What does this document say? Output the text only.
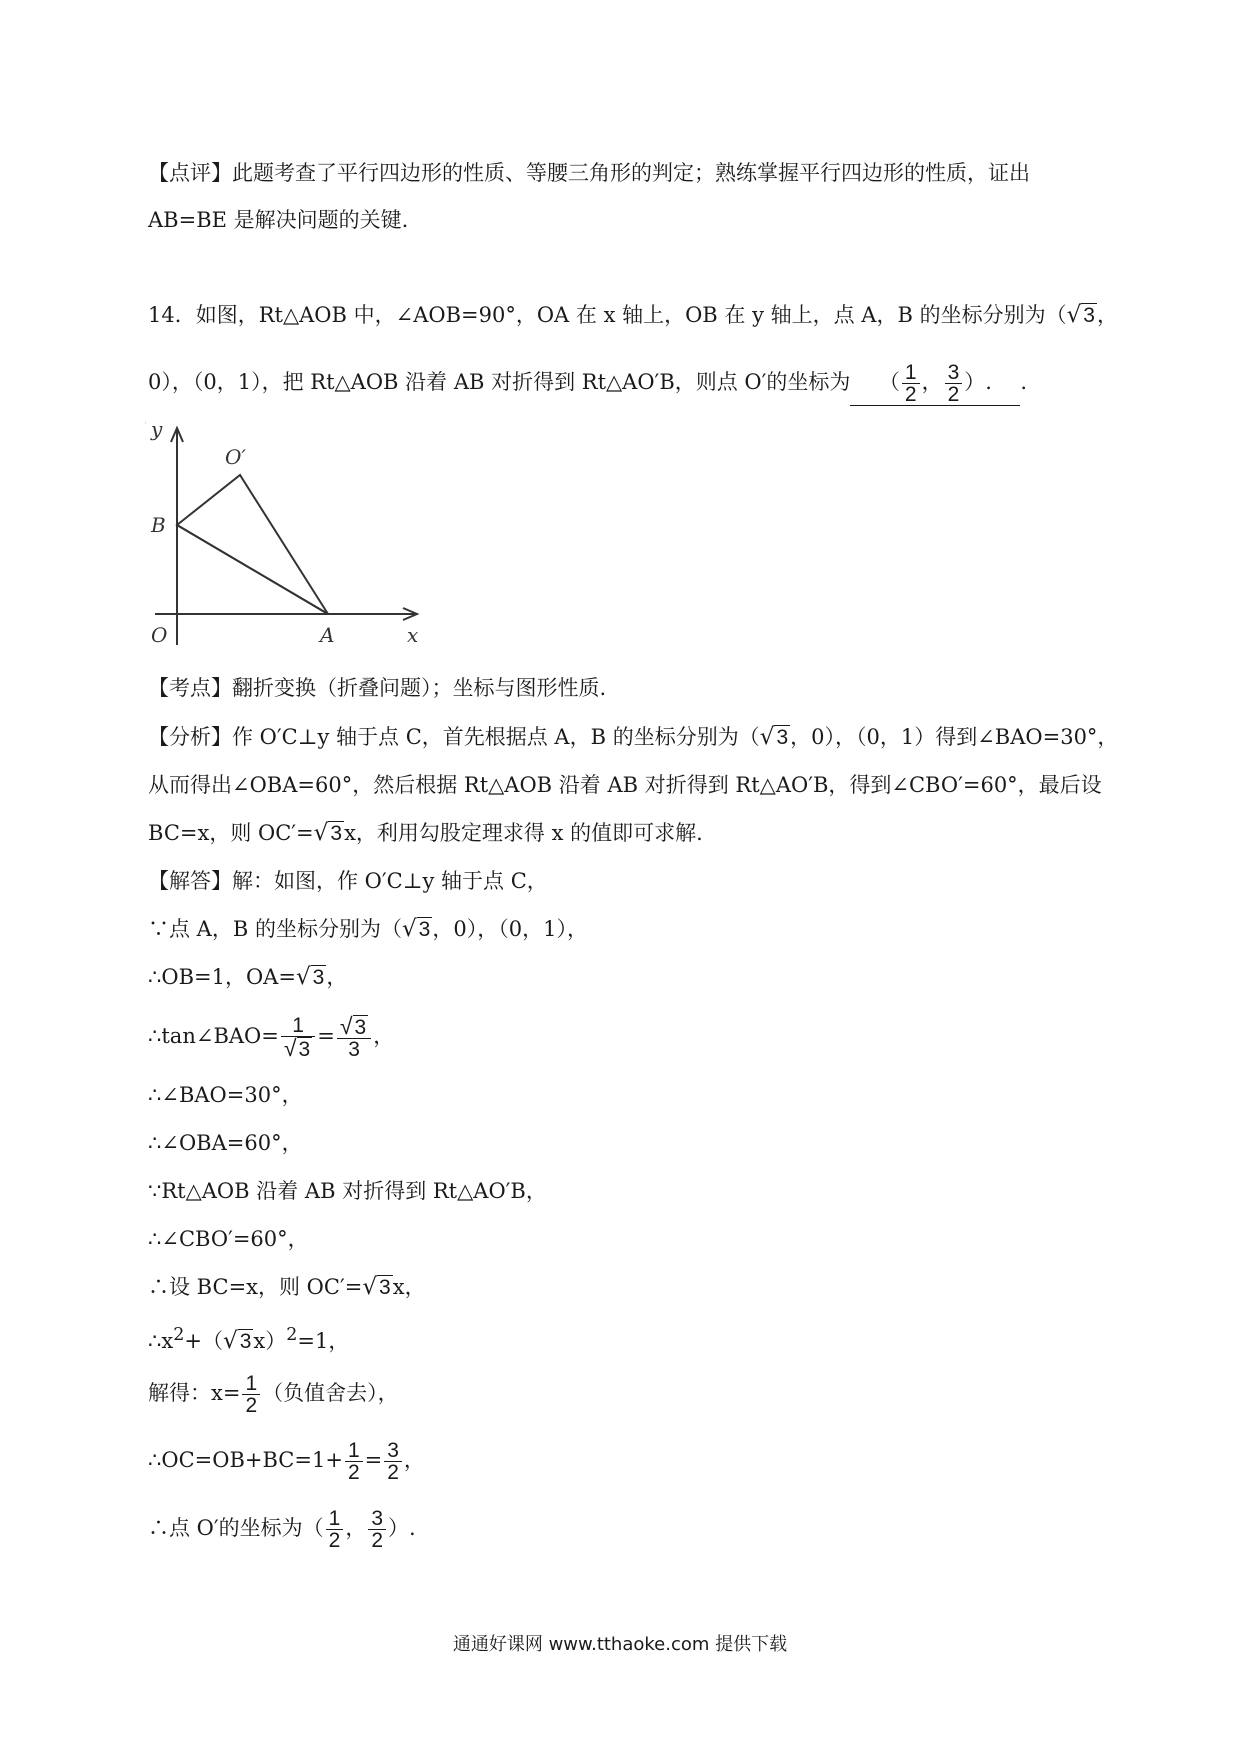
【点评】此题考查了平行四边形的性质、等腰三角形的判定；熟练掌握平行四边形的性质，证出
AB=BE 是解决问题的关键.
14．如图，Rt△AOB 中，∠AOB=90°，OA 在 x 轴上，OB 在 y 轴上，点 A，B 的坐标分别为（√3，
0），（0，1），把 Rt△AOB 沿着 AB 对折得到 Rt△AO′B，则点 O′的坐标为 （ $\frac{1}{2}$ ， $\frac{3}{2}$ ）. .
y
x
O	A
B
O′
【考点】翻折变换（折叠问题）；坐标与图形性质.
【分析】作 O′C⊥y 轴于点 C，首先根据点 A，B 的坐标分别为（√3，0），（0，1）得到∠BAO=30°，
从而得出∠OBA=60°，然后根据 Rt△AOB 沿着 AB 对折得到 Rt△AO′B，得到∠CBO′=60°，最后设
BC=x，则 OC′=√3x，利用勾股定理求得 x 的值即可求解.
【解答】解：如图，作 O′C⊥y 轴于点 C，
∵点 A，B 的坐标分别为（√3，0），（0，1），
∴OB=1，OA=√3，
∴tan∠BAO= $\frac{1}{√3} = \frac{√3}{3}$ ，
∴∠BAO=30°，
∴∠OBA=60°，
∵Rt△AOB 沿着 AB 对折得到 Rt△AO′B，
∴∠CBO′=60°，
∴设 BC=x，则 OC′=√3x，
$\therefore x^2+(√3x)^2=1$，
解得：$x= \frac{1}{2}$ （负值舍去），
∴OC=OB+BC=1+ $\frac{1}{2} = \frac{3}{2}$ ，
∴点 O′的坐标为（ $\frac{1}{2}$ ， $\frac{3}{2}$ ）.
通通好课网 www.tthaoke.com 提供下载
